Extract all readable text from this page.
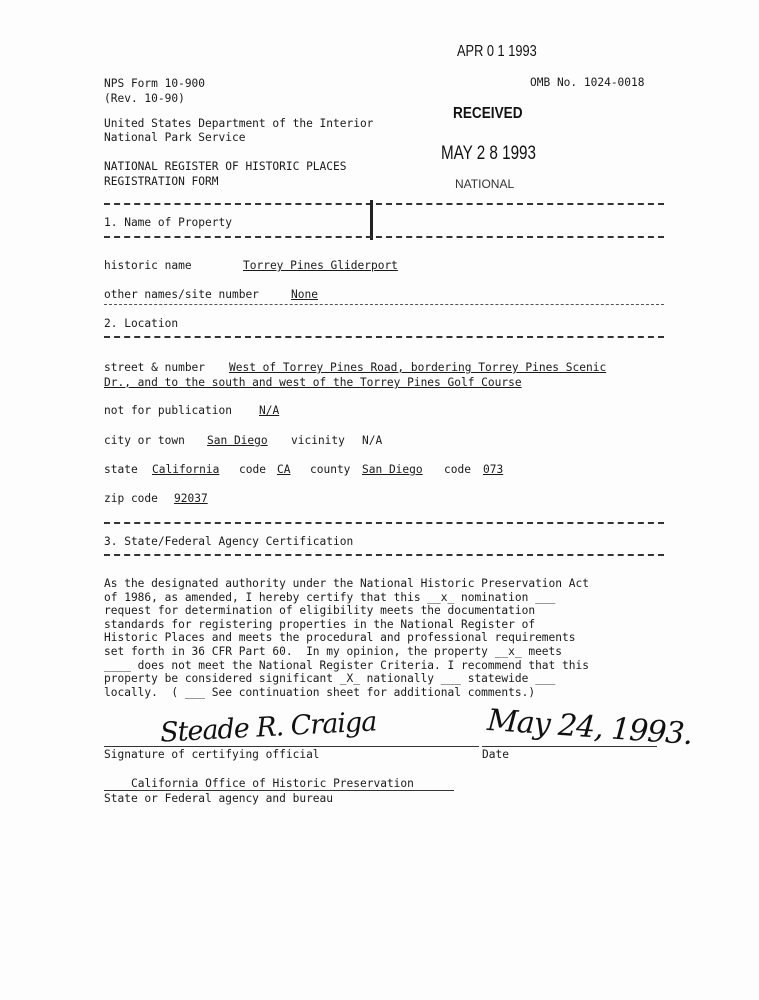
APR 0 1 1993
RECEIVED
MAY 2 8 1993
NATIONAL
NPS Form 10-900
(Rev. 10-90)
OMB No. 1024-0018
United States Department of the Interior
National Park Service
NATIONAL REGISTER OF HISTORIC PLACES
REGISTRATION FORM
1. Name of Property
historic name	Torrey Pines Gliderport
other names/site number	None
2. Location
street & number West of Torrey Pines Road, bordering Torrey Pines Scenic
Dr., and to the south and west of the Torrey Pines Golf Course
not for publication N/A
city or town San Diego vicinity N/A
state California code CA county San Diego code 073
zip code 92037
3. State/Federal Agency Certification
As the designated authority under the National Historic Preservation Act
of 1986, as amended, I hereby certify that this __x_ nomination ___
request for determination of eligibility meets the documentation
standards for registering properties in the National Register of
Historic Places and meets the procedural and professional requirements
set forth in 36 CFR Part 60.  In my opinion, the property __x_ meets
____ does not meet the National Register Criteria. I recommend that this
property be considered significant _X_ nationally ___ statewide ___
locally.  ( ___ See continuation sheet for additional comments.)
Steade R. Craiga	May 24, 1993.
Signature of certifying official	Date
California Office of Historic Preservation
State or Federal agency and bureau
